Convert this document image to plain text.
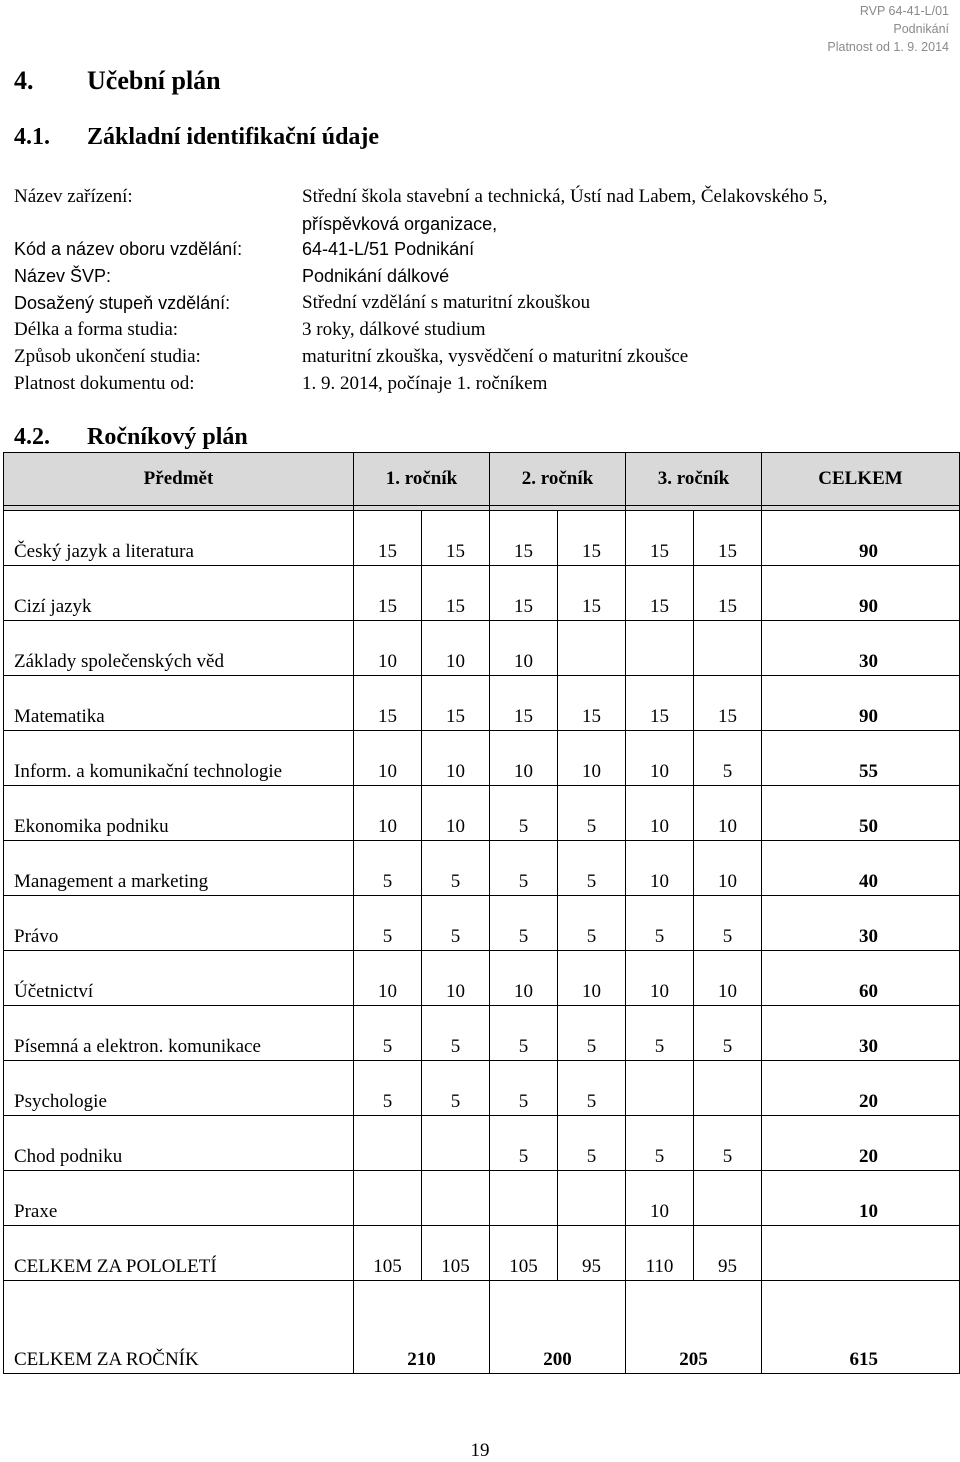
RVP 64-41-L/01
Podnikání
Platnost od 1. 9. 2014
4. Učební plán
4.1. Základní identifikační údaje
Název zařízení:	Střední škola stavební a technická, Ústí nad Labem, Čelakovského 5,
příspěvková organizace,
Kód a název oboru vzdělání:	64-41-L/51 Podnikání
Název ŠVP:	Podnikání dálkové
Dosažený stupeň vzdělání:	Střední vzdělání s maturitní zkouškou
Délka a forma studia:	3 roky, dálkové studium
Způsob ukončení studia:	maturitní zkouška, vysvědčení o maturitní zkoušce
Platnost dokumentu od:	1. 9. 2014, počínaje 1. ročníkem
4.2. Ročníkový plán
Předmět	1. ročník		2. ročník		3. ročník		CELKEM

Český jazyk a literatura	15	15	15	15	15	15	90
Cizí jazyk	15	15	15	15	15	15	90
Základy společenských věd	10	10	10				30
Matematika	15	15	15	15	15	15	90
Inform. a komunikační technologie	10	10	10	10	10	5	55
Ekonomika podniku	10	10	5	5	10	10	50
Management a marketing	5	5	5	5	10	10	40
Právo	5	5	5	5	5	5	30
Účetnictví	10	10	10	10	10	10	60
Písemná a elektron. komunikace	5	5	5	5	5	5	30
Psychologie	5	5	5	5			20
Chod podniku			5	5	5	5	20
Praxe					10		10
CELKEM ZA POLOLETÍ	105	105	105	95	110	95	
CELKEM ZA ROČNÍK	210		200		205		615
19
